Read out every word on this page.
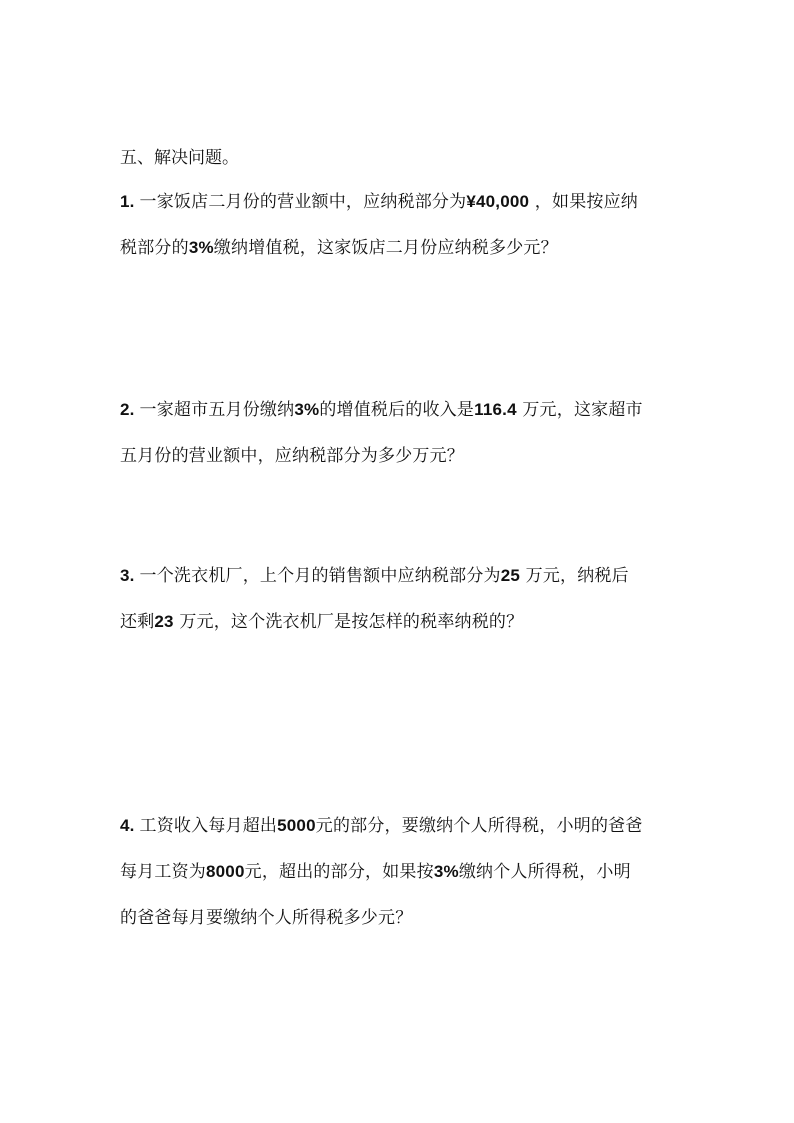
五、解决问题。
1. 一家饭店二月份的营业额中，应纳税部分为¥40,000 ，如果按应纳
税部分的3%缴纳增值税，这家饭店二月份应纳税多少元？
2. 一家超市五月份缴纳3%的增值税后的收入是116.4 万元，这家超市
五月份的营业额中，应纳税部分为多少万元？
3. 一个洗衣机厂，上个月的销售额中应纳税部分为25 万元，纳税后
还剩23 万元，这个洗衣机厂是按怎样的税率纳税的？
4. 工资收入每月超出5000元的部分，要缴纳个人所得税，小明的爸爸
每月工资为8000元，超出的部分，如果按3%缴纳个人所得税，小明
的爸爸每月要缴纳个人所得税多少元？
